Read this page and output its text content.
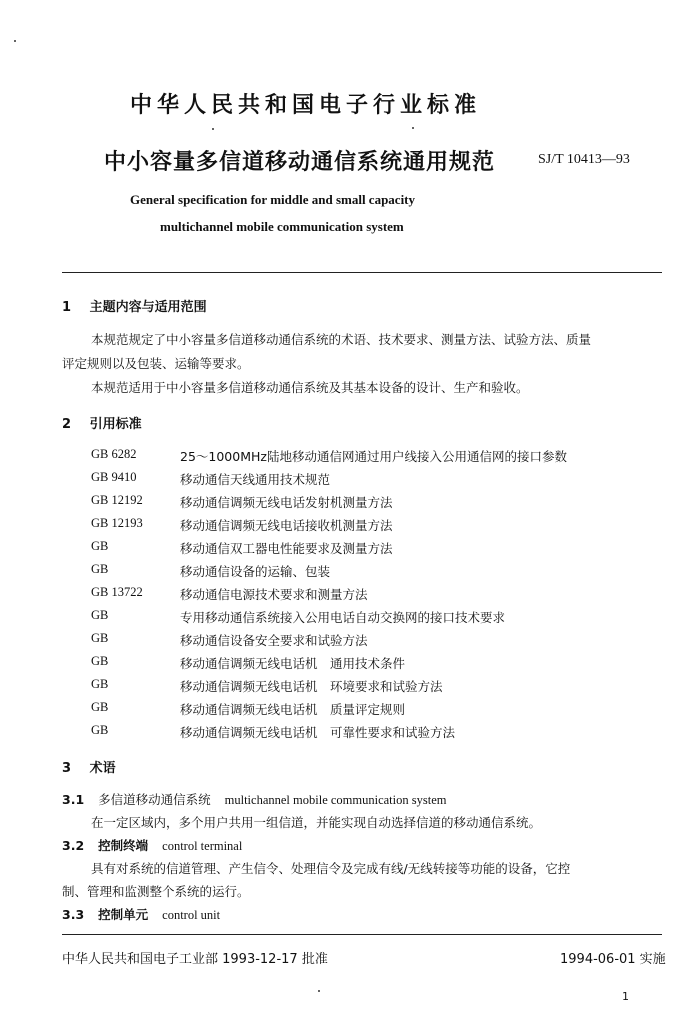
中华人民共和国电子行业标准
中小容量多信道移动通信系统通用规范	SJ/T 10413—93
General specification for middle and small capacity
multichannel mobile communication system
1 主题内容与适用范围
本规范规定了中小容量多信道移动通信系统的术语、技术要求、测量方法、试验方法、质量
评定规则以及包装、运输等要求。
本规范适用于中小容量多信道移动通信系统及其基本设备的设计、生产和验收。
2 引用标准
GB 6282	25～1000MHz陆地移动通信网通过用户线接入公用通信网的接口参数
GB 9410	移动通信天线通用技术规范
GB 12192	移动通信调频无线电话发射机测量方法
GB 12193	移动通信调频无线电话接收机测量方法
GB	移动通信双工器电性能要求及测量方法
GB	移动通信设备的运输、包装
GB 13722	移动通信电源技术要求和测量方法
GB	专用移动通信系统接入公用电话自动交换网的接口技术要求
GB	移动通信设备安全要求和试验方法
GB	移动通信调频无线电话机　通用技术条件
GB	移动通信调频无线电话机　环境要求和试验方法
GB	移动通信调频无线电话机　质量评定规则
GB	移动通信调频无线电话机　可靠性要求和试验方法
3 术语
3.1 多信道移动通信系统 multichannel mobile communication system
在一定区域内，多个用户共用一组信道，并能实现自动选择信道的移动通信系统。
3.2 控制终端 control terminal
具有对系统的信道管理、产生信令、处理信令及完成有线/无线转接等功能的设备，它控
制、管理和监测整个系统的运行。
3.3 控制单元 control unit
中华人民共和国电子工业部 1993-12-17 批准	1994-06-01 实施
1
